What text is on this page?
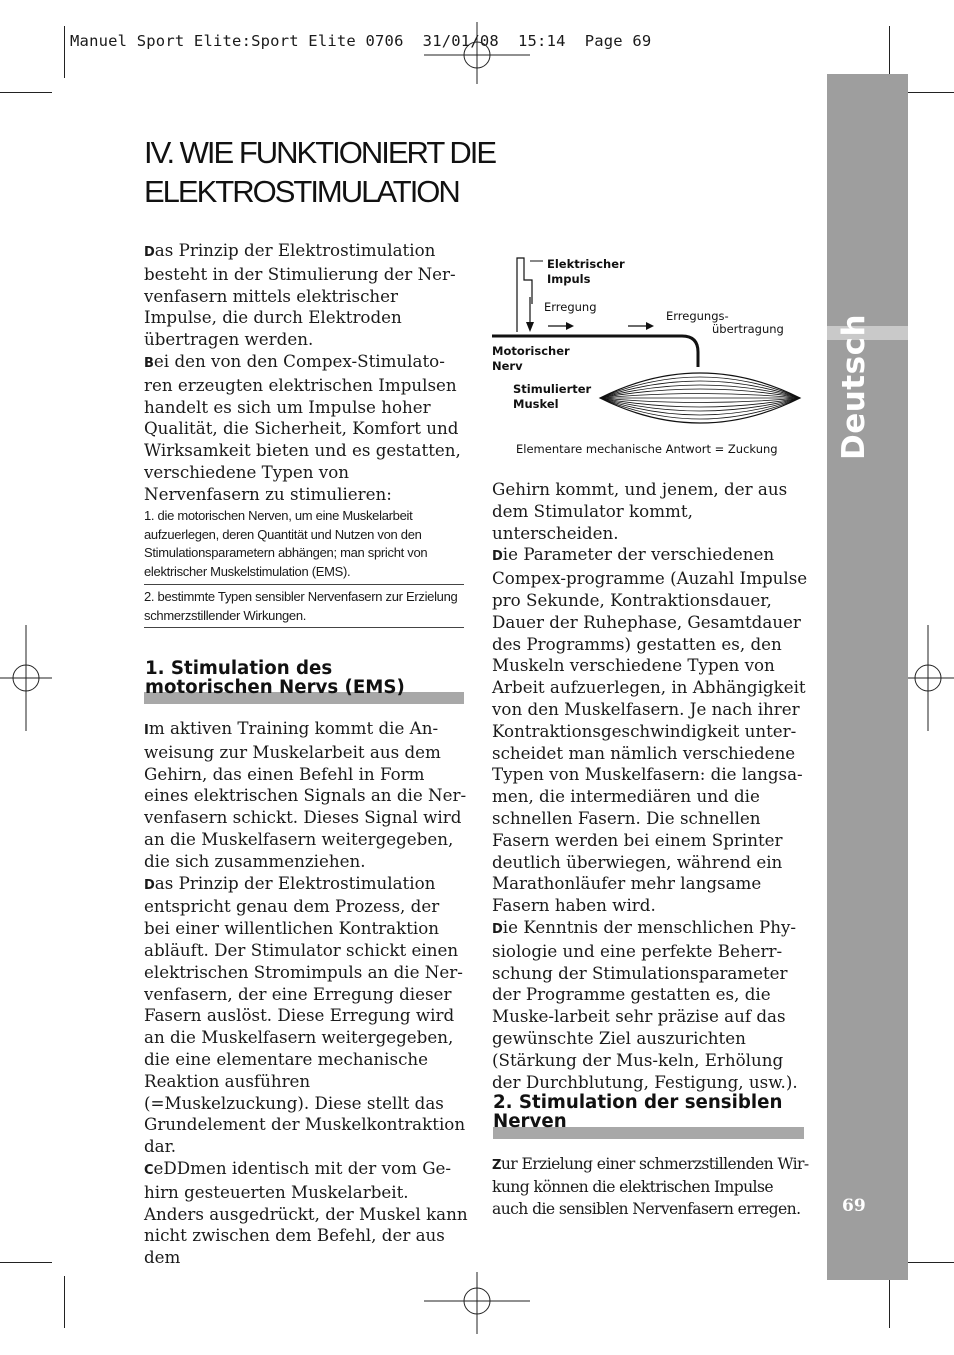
Manuel Sport Elite:Sport Elite 0706  31/01/08  15:14  Page 69
Deutsch
69
IV. WIE FUNKTIONIERT DIE
ELEKTROSTIMULATION

Das Prinzip der Elektrostimulation besteht in der Stimulierung der Ner-venfasern mittels elektrischer Impulse, die durch Elektroden übertragen werden.

Bei den von den Compex-Stimulato-ren erzeugten elektrischen Impulsen handelt es sich um Impulse hoher Qualität, die Sicherheit, Komfort und Wirksamkeit bieten und es gestatten, verschiedene Typen von Nervenfasern zu stimulieren:

1. die motorischen Nerven, um eine Muskelarbeit aufzuerlegen, deren Quantität und Nutzen von den Stimulationsparametern abhängen; man spricht von elektrischer Muskelstimulation (EMS).
2. bestimmte Typen sensibler Nervenfasern zur Erzielung schmerzstillender Wirkungen.
1. Stimulation des motorischen Nervs (EMS)

Im aktiven Training kommt die An-weisung zur Muskelarbeit aus dem Gehirn, das einen Befehl in Form eines elektrischen Signals an die Ner-venfasern schickt. Dieses Signal wird an die Muskelfasern weitergegeben, die sich zusammenziehen.

Das Prinzip der Elektrostimulation entspricht genau dem Prozess, der bei einer willentlichen Kontraktion abläuft. Der Stimulator schickt einen elektrischen Stromimpuls an die Ner-venfasern, der eine Erregung dieser Fasern auslöst. Diese Erregung wird an die Muskelfasern weitergegeben, die eine elementare mechanische Reaktion ausführen (=Muskelzuckung). Diese stellt das Grundelement der Muskelkontraktion dar.

CeDDmen identisch mit der vom Ge-hirn gesteuerten Muskelarbeit. Anders ausgedrückt, der Muskel kann nicht zwischen dem Befehl, der aus dem

Elektrischer
Impuls
Erregung
Erregungs-
übertragung
Motorischer
Nerv
Stimulierter
Muskel
Elementare mechanische Antwort = Zuckung

Gehirn kommt, und jenem, der aus dem Stimulator kommt, unterscheiden.

Die Parameter der verschiedenen Compex-programme (Auzahl Impulse pro Sekunde, Kontraktionsdauer, Dauer der Ruhephase, Gesamtdauer des Programms) gestatten es, den Muskeln verschiedene Typen von Arbeit aufzuerlegen, in Abhängigkeit von den Muskelfasern. Je nach ihrer Kontraktionsgeschwindigkeit unter-scheidet man nämlich verschiedene Typen von Muskelfasern: die langsa-men, die intermediären und die schnellen Fasern. Die schnellen Fasern werden bei einem Sprinter deutlich überwiegen, während ein Marathonläufer mehr langsame Fasern haben wird.

Die Kenntnis der menschlichen Phy-siologie und eine perfekte Beherr-schung der Stimulationsparameter der Programme gestatten es, die Muske-larbeit sehr präzise auf das gewünschte Ziel auszurichten (Stärkung der Mus-keln, Erhölung der Durchblutung, Festigung, usw.).

2. Stimulation der sensiblen Nerven

Zur Erzielung einer schmerzstillenden Wir-kung können die elektrischen Impulse auch die sensiblen Nervenfasern erregen.
